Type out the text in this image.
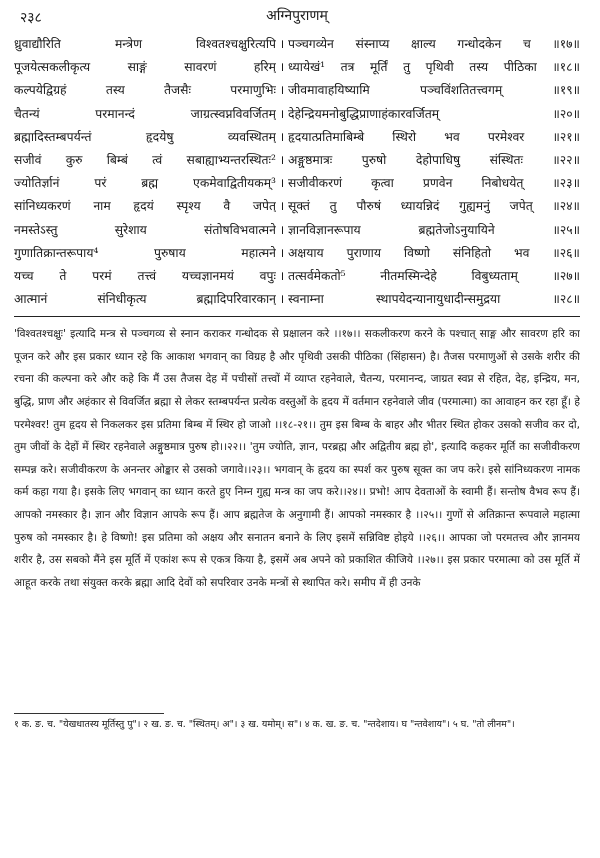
२३८	अग्निपुराणम्
ध्रुवाद्यौरिति	मन्त्रेण	विश्वतश्चक्षुरित्यपि । पञ्चगव्येन संस्नाप्य क्षाल्य गन्धोदकेन च ॥१७॥
पूजयेत्सकलीकृत्य	साङ्गं	सावरणं	हरिम् । ध्यायेखं¹ तत्र मूर्तिं तु पृथिवी तस्य पीठिका ॥१८॥
कल्पयेद्विग्रहं	तस्य	तैजसैः	परमाणुभिः । जीवमावाहयिष्यामि	पञ्चविंशतितत्त्वगम्	॥१९॥
चैतन्यं	परमानन्दं	जाग्रत्स्वप्नविवर्जितम् । देहेन्द्रियमनोबुद्धिप्राणाहंकारवर्जितम्	॥२०॥
ब्रह्मादिस्तम्बपर्यन्तं	हृदयेषु	व्यवस्थितम् । हृदयात्प्रतिमाबिम्बे स्थिरो भव परमेश्वर ॥२१॥
सजीवं कुरु बिम्बं त्वं सबाह्याभ्यन्तरस्थितः² । अङ्गुष्ठमात्रः पुरुषो देहोपाधिषु संस्थितः ॥२२॥
ज्योतिर्ज्ञानं	परं	ब्रह्म	एकमेवाद्वितीयकम्³ । सजीवीकरणं कृत्वा प्रणवेन निबोधयेत् ॥२३॥
सांनिध्यकरणं नाम हृदयं स्पृश्य वै जपेत् । सूक्तं तु पौरुषं ध्यायन्निदं गुह्यमनुं जपेत् ॥२४॥
नमस्तेऽस्तु	सुरेशाय	संतोषविभवात्मने । ज्ञानविज्ञानरूपाय	ब्रह्मतेजोऽनुयायिने	॥२५॥
गुणातिक्रान्तरूपाय⁴	पुरुषाय	महात्मने । अक्षयाय पुराणाय विष्णो संनिहितो भव ॥२६॥
यच्च ते परमं तत्त्वं यच्चज्ञानमयं वपुः । तत्सर्वमेकतो⁵	नीतमस्मिन्देहे	विबुध्यताम्	॥२७॥
आत्मानं	संनिधीकृत्य	ब्रह्मादिपरिवारकान् । स्वनाम्ना	स्थापयेदन्यानायुधादीन्समुद्रया	॥२८॥

'विश्वतश्चक्षुः' इत्यादि मन्त्र से पञ्चगव्य से स्नान कराकर गन्धोदक से प्रक्षालन करे ।।१७।। सकलीकरण करने के पश्चात् साङ्ग और सावरण हरि का पूजन करे और इस प्रकार ध्यान रहे कि आकाश भगवान् का विग्रह है और पृथिवी उसकी पीठिका (सिंहासन) है। तैजस परमाणुओं से उसके शरीर की रचना की कल्पना करे और कहे कि मैं उस तैजस देह में पचीसों तत्त्वों में व्याप्त रहनेवाले, चैतन्य, परमानन्द, जाग्रत स्वप्न से रहित, देह, इन्द्रिय, मन, बुद्धि, प्राण और अहंकार से विवर्जित ब्रह्मा से लेकर स्तम्बपर्यन्त प्रत्येक वस्तुओं के हृदय में वर्तमान रहनेवाले जीव (परमात्मा) का आवाहन कर रहा हूँ। हे परमेश्वर! तुम हृदय से निकलकर इस प्रतिमा बिम्ब में स्थिर हो जाओ ।।१८-२१।। तुम इस बिम्ब के बाहर और भीतर स्थित होकर उसको सजीव कर दो, तुम जीवों के देहों में स्थिर रहनेवाले अङ्गुष्ठमात्र पुरुष हो।।२२।। 'तुम ज्योति, ज्ञान, परब्रह्म और अद्वितीय ब्रह्म हो', इत्यादि कहकर मूर्ति का सजीवीकरण सम्पन्न करे। सजीवीकरण के अनन्तर ओङ्कार से उसको जगावे।।२३।। भगवान् के हृदय का स्पर्श कर पुरुष सूक्त का जप करे। इसे सांनिध्यकरण नामक कर्म कहा गया है। इसके लिए भगवान् का ध्यान करते हुए निम्न गुह्य मन्त्र का जप करे।।२४।। प्रभो! आप देवताओं के स्वामी हैं। सन्तोष वैभव रूप हैं। आपको नमस्कार है। ज्ञान और विज्ञान आपके रूप हैं। आप ब्रह्मतेज के अनुगामी हैं। आपको नमस्कार है ।।२५।। गुणों से अतिक्रान्त रूपवाले महात्मा पुरुष को नमस्कार है। हे विष्णो! इस प्रतिमा को अक्षय और सनातन बनाने के लिए इसमें सन्निविष्ट होइये ।।२६।। आपका जो परमतत्त्व और ज्ञानमय शरीर है, उस सबको मैंने इस मूर्ति में एकांश रूप से एकत्र किया है, इसमें अब अपने को प्रकाशित कीजिये ।।२७।। इस प्रकार परमात्मा को उस मूर्ति में आहूत करके तथा संयुक्त करके ब्रह्मा आदि देवों को सपरिवार उनके मन्त्रों से स्थापित करे। समीप में ही उनके

१ क. ङ. च. "येखधातस्य मूर्तिस्तु पु"। २ ख. ङ. च. "स्थितम्। अ"। ३ ख. यमोम्। स"। ४ क. ख. ङ. च. "न्तदेशाय। घ "न्तवेशाय"। ५ घ. "तो लीनम"।
